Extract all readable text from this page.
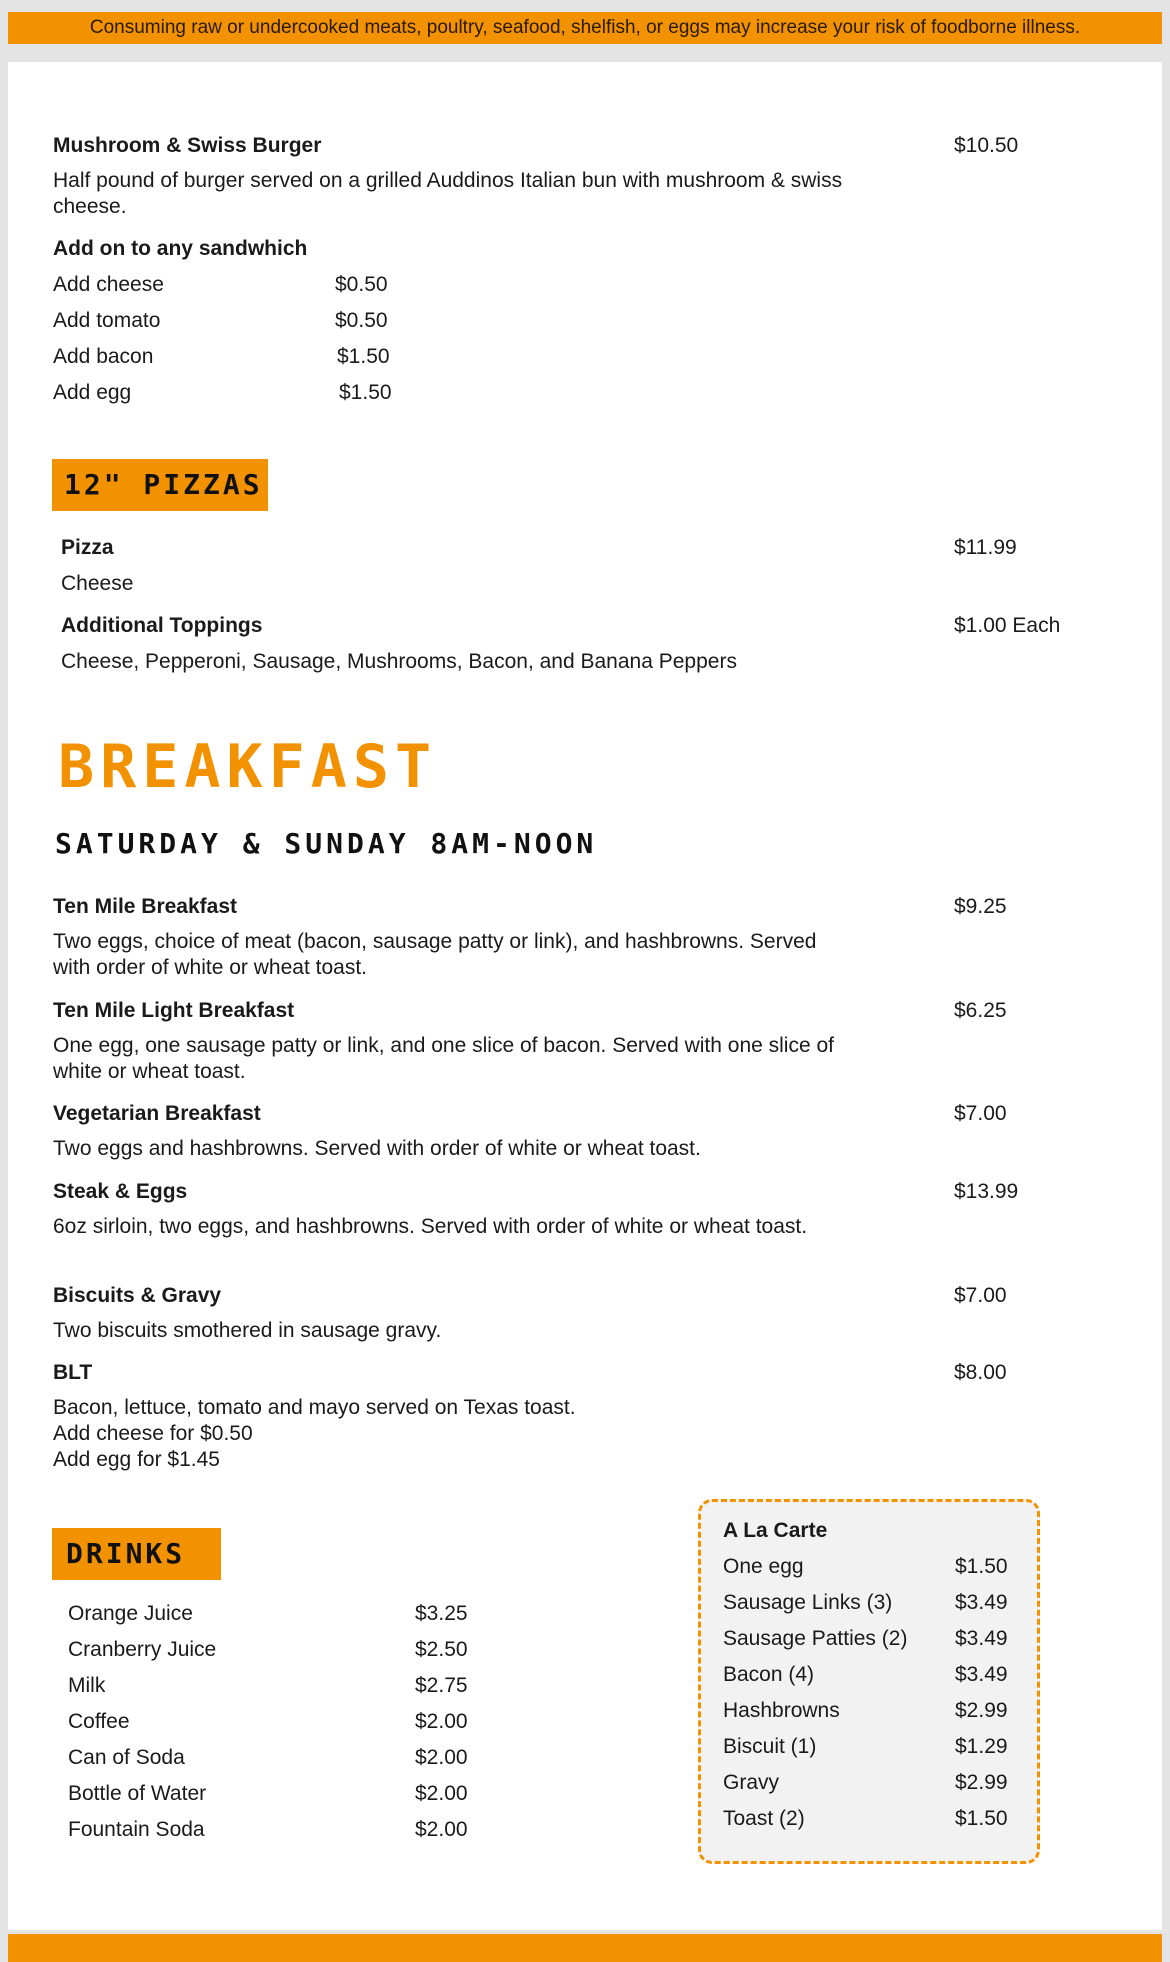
Consuming raw or undercooked meats, poultry, seafood, shelfish, or eggs may increase your risk of foodborne illness.
Mushroom & Swiss Burger	$10.50
Half pound of burger served on a grilled Auddinos Italian bun with mushroom & swiss cheese.
Add on to any sandwhich
Add cheese	$0.50
Add tomato	$0.50
Add bacon	$1.50
Add egg	$1.50
12" PIZZAS
Pizza	$11.99
Cheese
Additional Toppings	$1.00 Each
Cheese, Pepperoni, Sausage, Mushrooms, Bacon, and Banana Peppers
BREAKFAST
SATURDAY & SUNDAY 8AM-NOON
Ten Mile Breakfast	$9.25
Two eggs, choice of meat (bacon, sausage patty or link), and hashbrowns. Served with order of white or wheat toast.
Ten Mile Light Breakfast	$6.25
One egg, one sausage patty or link, and one slice of bacon. Served with one slice of white or wheat toast.
Vegetarian Breakfast	$7.00
Two eggs and hashbrowns. Served with order of white or wheat toast.
Steak & Eggs	$13.99
6oz sirloin, two eggs, and hashbrowns. Served with order of white or wheat toast.
Biscuits & Gravy	$7.00
Two biscuits smothered in sausage gravy.
BLT	$8.00
Bacon, lettuce, tomato and mayo served on Texas toast.
Add cheese for $0.50
Add egg for $1.45
DRINKS
Orange Juice	$3.25
Cranberry Juice	$2.50
Milk	$2.75
Coffee	$2.00
Can of Soda	$2.00
Bottle of Water	$2.00
Fountain Soda	$2.00
A La Carte
One egg	$1.50
Sausage Links (3)	$3.49
Sausage Patties (2) $3.49
Bacon (4)	$3.49
Hashbrowns	$2.99
Biscuit (1)	$1.29
Gravy	$2.99
Toast (2)	$1.50
